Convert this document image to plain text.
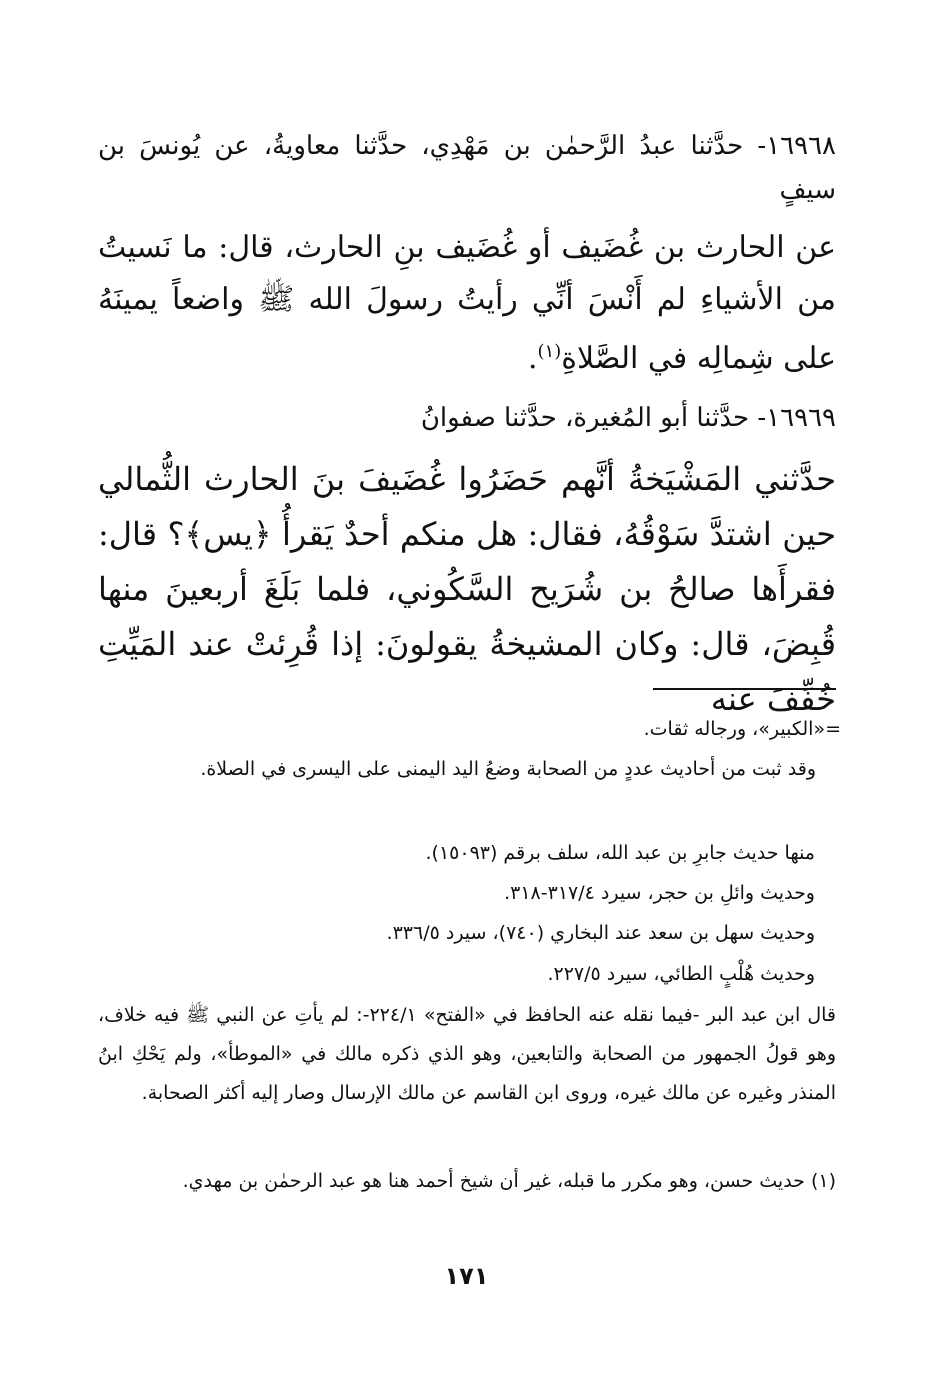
١٦٩٦٨- حدَّثنا عبدُ الرَّحمٰن بن مَهْدِي، حدَّثنا معاويةُ، عن يُونسَ بن سيفٍ

عن الحارث بن غُضَيف أو غُضَيف بنِ الحارث، قال: ما نَسيتُ من الأشياءِ لم أَنْسَ أنِّي رأيتُ رسولَ الله ﷺ واضعاً يمينَهُ على شِمالِه في الصَّلاةِ$^{(١)}$.

١٦٩٦٩- حدَّثنا أبو المُغيرة، حدَّثنا صفوانُ

حدَّثني المَشْيَخةُ أنَّهم حَضَرُوا غُضَيفَ بنَ الحارث الثُّمالي حين اشتدَّ سَوْقُهُ، فقال: هل منكم أحدٌ يَقرأُ ﴿يس﴾؟ قال: فقرأَها صالحُ بن شُرَيح السَّكُوني، فلما بَلَغَ أربعينَ منها قُبِضَ، قال: وكان المشيخةُ يقولونَ: إذا قُرِئتْ عند المَيِّتِ خُفِّفَ عنه

=«الكبير»، ورجاله ثقات.

وقد ثبت من أحاديث عددٍ من الصحابة وضعُ اليد اليمنى على اليسرى في الصلاة.

منها حديث جابرِ بن عبد الله، سلف برقم (١٥٠٩٣).

وحديث وائلِ بن حجر، سيرد ٣١٧/٤-٣١٨.

وحديث سهل بن سعد عند البخاري (٧٤٠)، سيرد ٣٣٦/٥.

وحديث هُلْبٍ الطائي، سيرد ٢٢٧/٥.

قال ابن عبد البر -فيما نقله عنه الحافظ في «الفتح» ٢٢٤/١-: لم يأتِ عن النبي ﷺ فيه خلاف، وهو قولُ الجمهور من الصحابة والتابعين، وهو الذي ذكره مالك في «الموطأ»، ولم يَحْكِ ابنُ المنذر وغيره عن مالك غيره، وروى ابن القاسم عن مالك الإرسال وصار إليه أكثر الصحابة.

(١) حديث حسن، وهو مكرر ما قبله، غير أن شيخ أحمد هنا هو عبد الرحمٰن بن مهدي.

١٧١
